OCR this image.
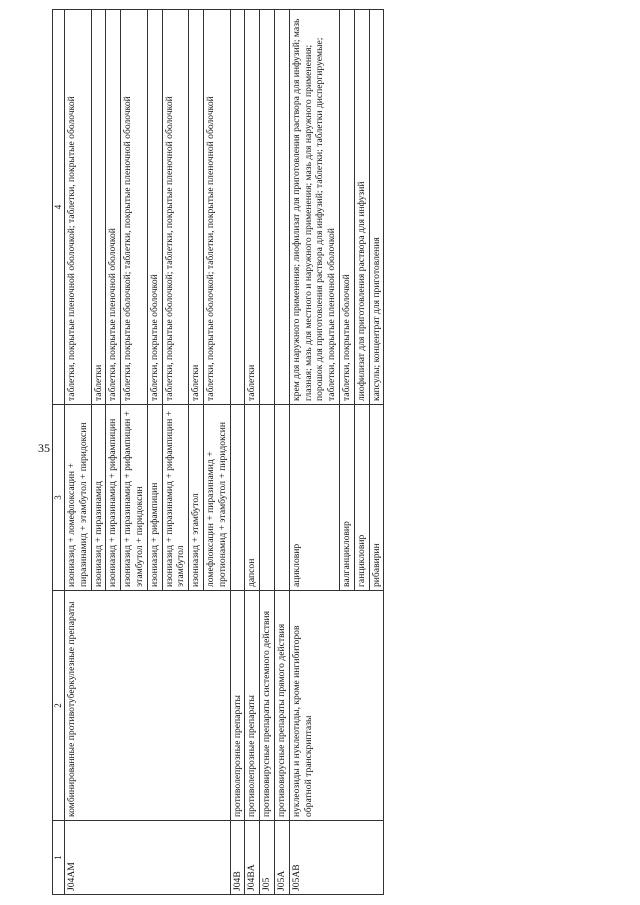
35
1	2	3	4
J04AM	комбинированные противотуберкулезные препараты	изониазид + ломефлоксацин + пиразинамид + этамбутол + пиридоксин	таблетки, покрытые пленочной оболочкой; таблетки, покрытые оболочкой
		изониазид + пиразинамид	таблетки
		изониазид + пиразинамид + рифампицин	таблетки, покрытые пленочной оболочкой
		изониазид + пиразинамид + рифампицин + этамбутол + пиридоксин	таблетки, покрытые оболочкой; таблетки, покрытые пленочной оболочкой
		изониазид + рифампицин	таблетки, покрытые оболочкой
		изониазид + пиразинамид + рифампицин + этамбутол	таблетки, покрытые оболочкой; таблетки, покрытые пленочной оболочкой
		изониазид + этамбутол	таблетки
		ломефлоксацин + пиразинамид + протионамид + этамбутол + пиридоксин	таблетки, покрытые оболочкой; таблетки, покрытые пленочной оболочкой
J04B	противолепрозные препараты		
J04BA	противолепрозные препараты	дапсон	таблетки
J05	противовирусные препараты системного действия		
J05A	противовирусные препараты прямого действия		
J05AB	нуклеозиды и нуклеотиды, кроме ингибиторов обратной транскриптазы	ацикловир	крем для наружного применения; лиофилизат для приготовления раствора для инфузий; мазь глазная; мазь для местного и наружного применения; мазь для наружного применения; порошок для приготовления раствора для инфузий; таблетки; таблетки диспергируемые; таблетки, покрытые пленочной оболочкой
		валганцикловир	таблетки, покрытые оболочкой
		ганцикловир	лиофилизат для приготовления раствора для инфузий
		рибавирин	капсулы; концентрат для приготовления
